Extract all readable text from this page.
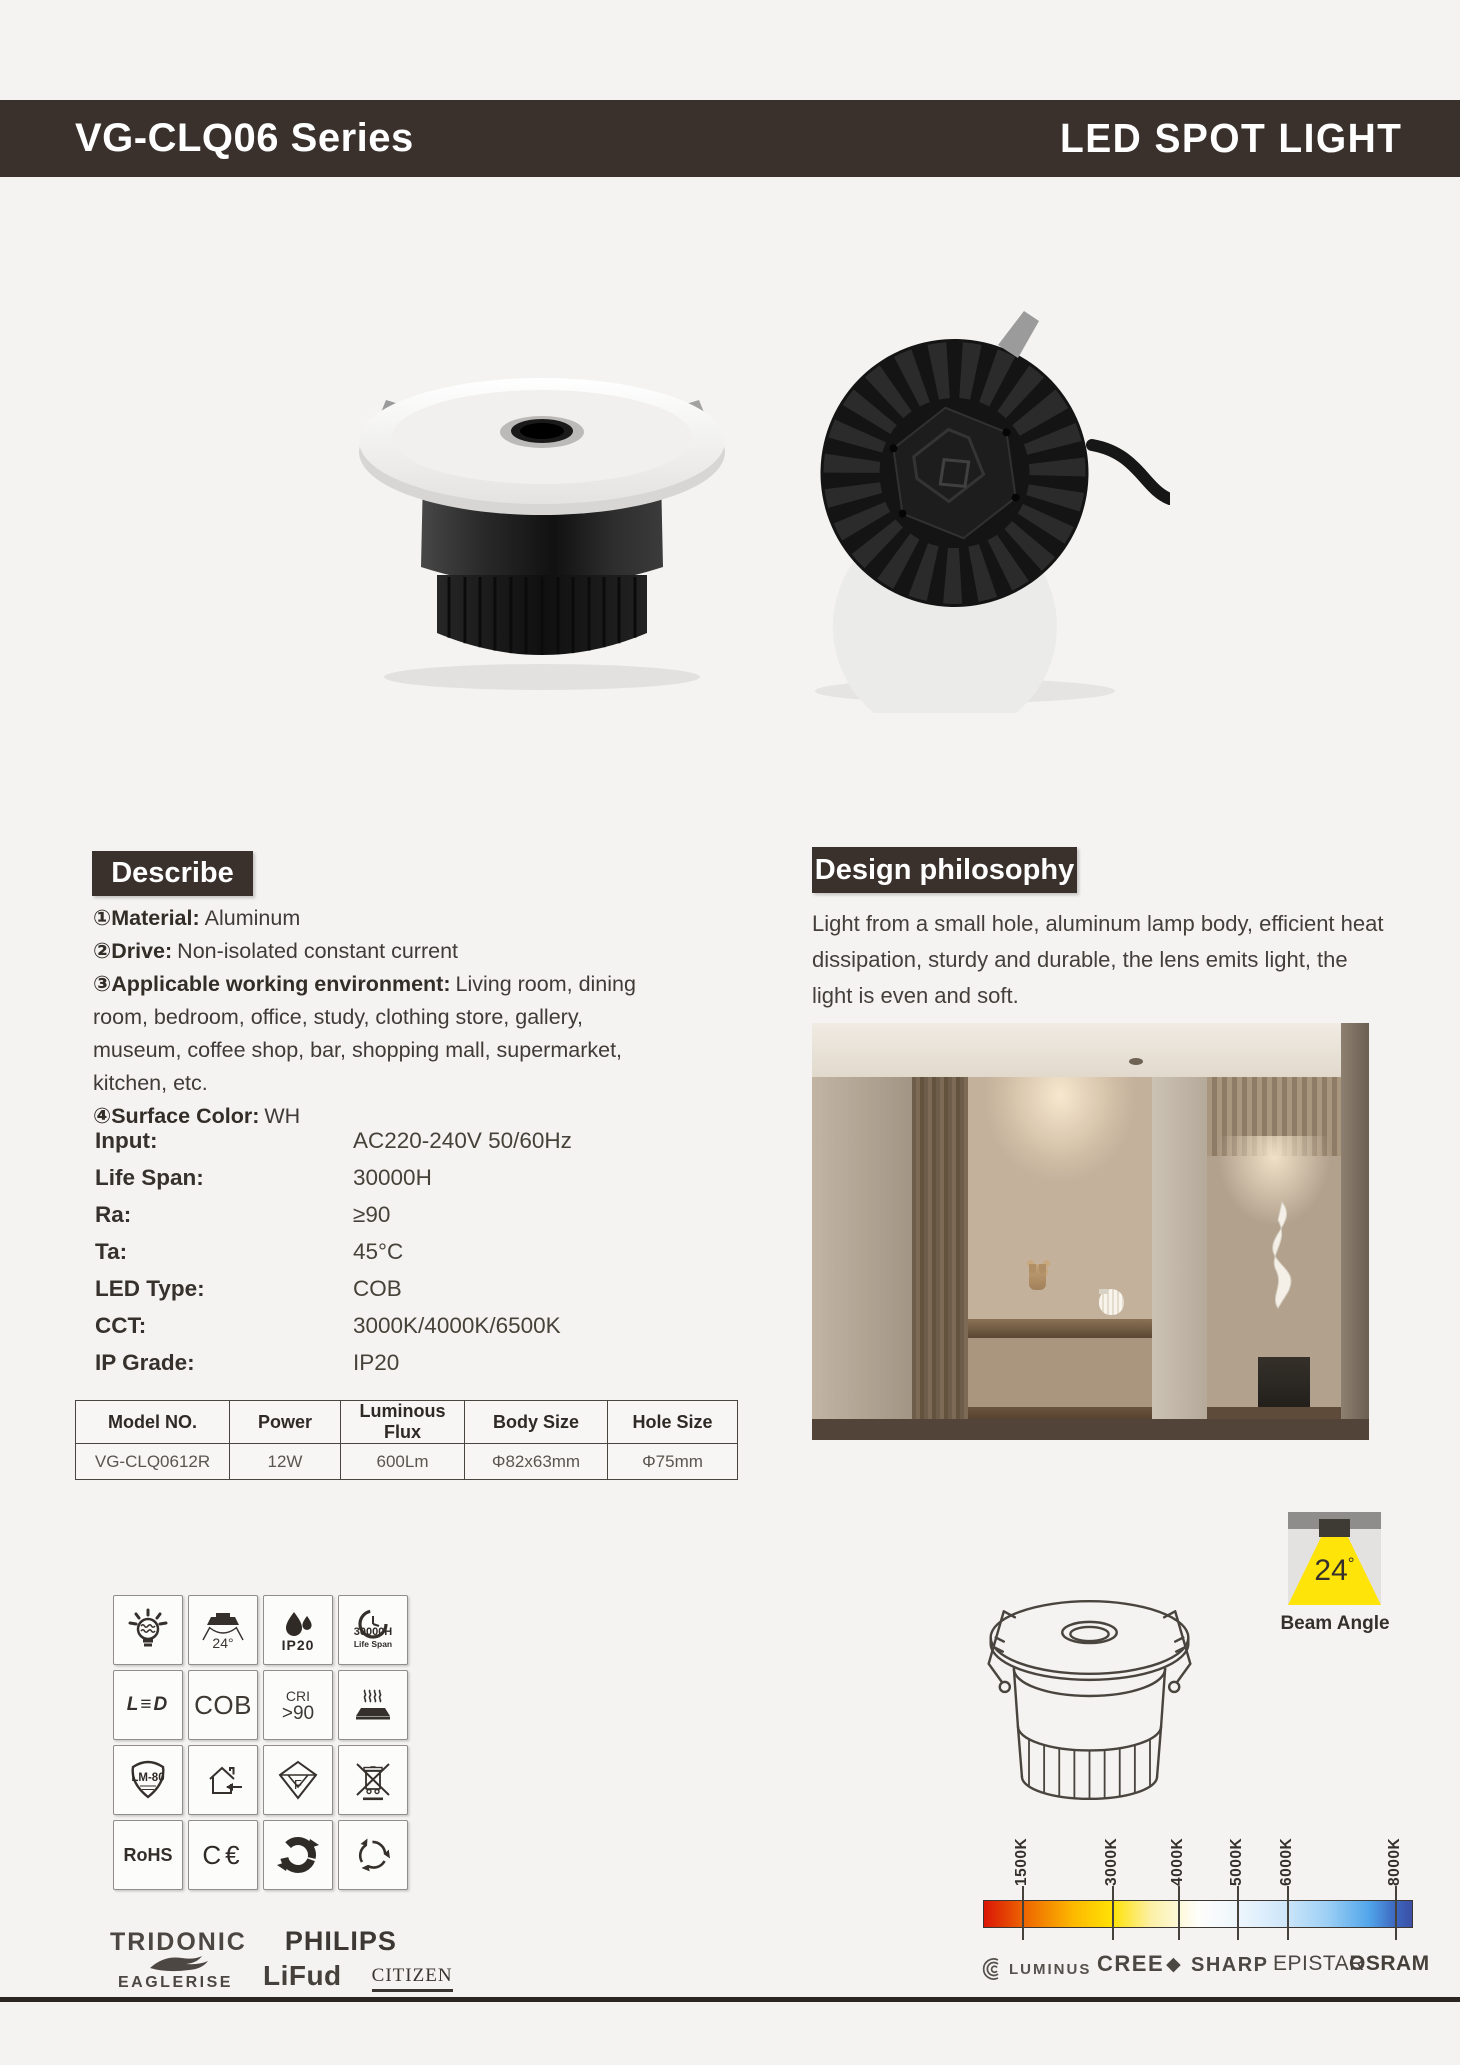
VG-CLQ06 Series	LED SPOT LIGHT
Describe

①Material: Aluminum

②Drive: Non-isolated constant current

③Applicable working environment: Living room, dining room, bedroom, office, study, clothing store, gallery, museum, coffee shop, bar, shopping mall, supermarket, kitchen, etc.

④Surface Color: WH

Input:	AC220-240V 50/60Hz
Life Span:	30000H
Ra:	≥90
Ta:	45°C
LED Type:	COB
CCT:	3000K/4000K/6500K
IP Grade:	IP20
Model NO.	Power	Luminous Flux	Body Size	Hole Size
VG-CLQ0612R	12W	600Lm	Φ82x63mm	Φ75mm
24°	IP20
30000H
Life Span
L≡D COB CRI
>90
LM-80	F
RoHS C€
TRIDONIC PHILIPS
EAGLERISE LiFud CITIZEN
Design philosophy
Light from a small hole, aluminum lamp body, efficient heat dissipation, sturdy and durable, the lens emits light, the light is even and soft.
24°
Beam Angle
1500K	3000K	4000K	5000K 6000K	8000K
LUMINUS CREE ◆ SHARP EPISTAR
OSRAM
